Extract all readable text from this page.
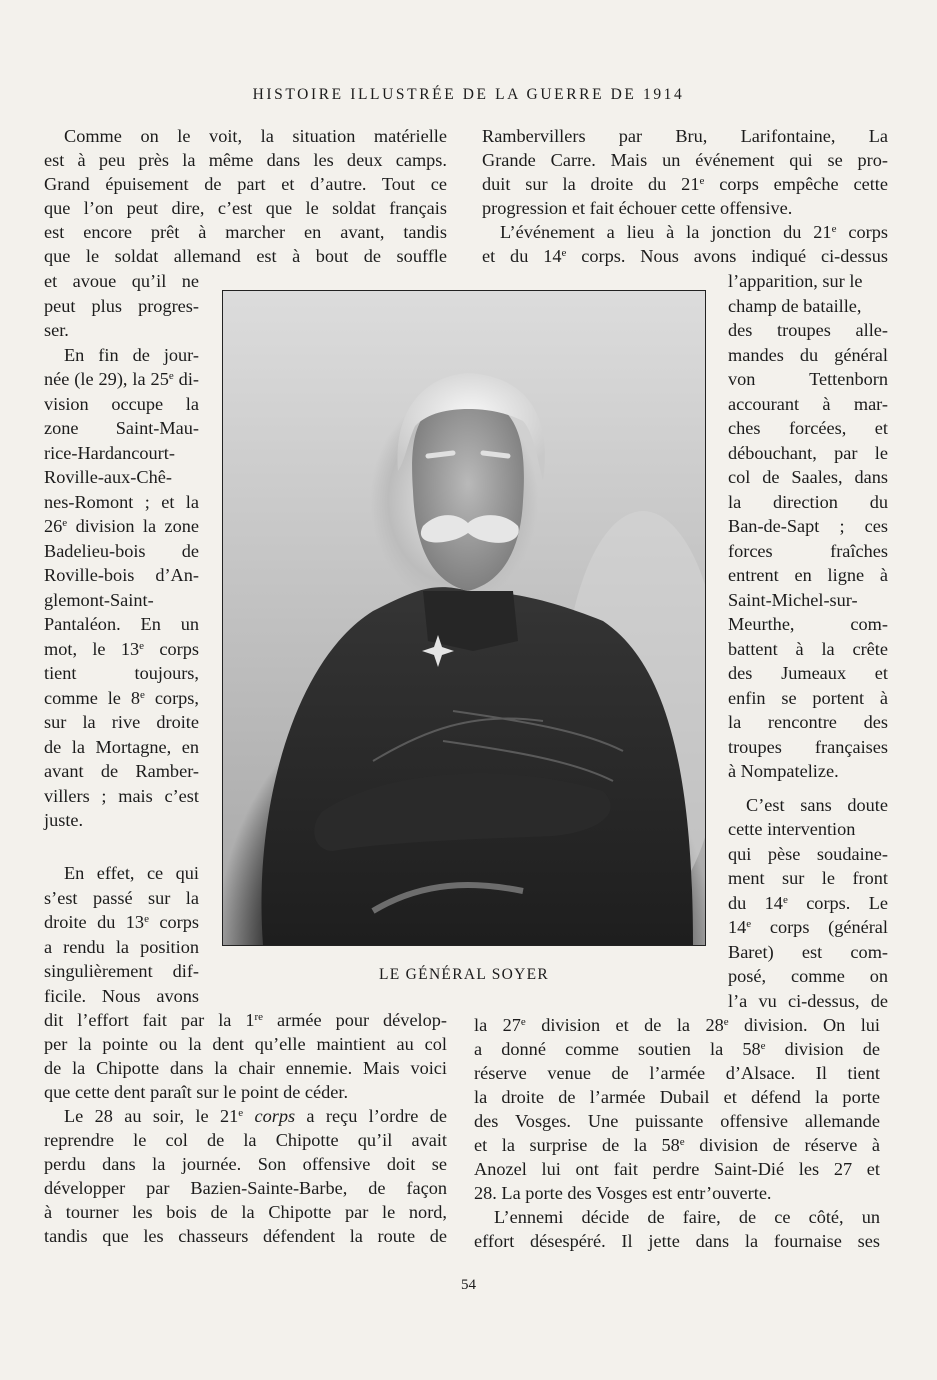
HISTOIRE ILLUSTRÉE DE LA GUERRE DE 1914
Comme on le voit, la situation matérielle
est à peu près la même dans les deux camps.
Grand épuisement de part et d’autre. Tout ce
que l’on peut dire, c’est que le soldat français
est encore prêt à marcher en avant, tandis
que le soldat allemand est à bout de souffle
et avoue qu’il ne
peut plus progres-
ser.
En fin de jour-
née (le 29), la 25e di-
vision occupe la
zone Saint-Mau-
rice-Hardancourt-
Roville-aux-Chê-
nes-Romont ; et la
26e division la zone
Badelieu-bois de
Roville-bois d’An-
glemont-Saint-
Pantaléon. En un
mot, le 13e corps
tient toujours,
comme le 8e corps,
sur la rive droite
de la Mortagne, en
avant de Ramber-
villers ; mais c’est
juste.
En effet, ce qui
s’est passé sur la
droite du 13e corps
a rendu la position
singulièrement dif-
ficile. Nous avons
dit l’effort fait par la 1re armée pour dévelop-
per la pointe ou la dent qu’elle maintient au col
de la Chipotte dans la chair ennemie. Mais voici
que cette dent paraît sur le point de céder.
Le 28 au soir, le 21e corps a reçu l’ordre de
reprendre le col de la Chipotte qu’il avait
perdu dans la journée. Son offensive doit se
développer par Bazien-Sainte-Barbe, de façon
à tourner les bois de la Chipotte par le nord,
tandis que les chasseurs défendent la route de
Rambervillers par Bru, Larifontaine, La
Grande Carre. Mais un événement qui se pro-
duit sur la droite du 21e corps empêche cette
progression et fait échouer cette offensive.
L’événement a lieu à la jonction du 21e corps
et du 14e corps. Nous avons indiqué ci-dessus
l’apparition, sur le
champ de bataille,
des troupes alle-
mandes du général
von Tettenborn
accourant à mar-
ches forcées, et
débouchant, par le
col de Saales, dans
la direction du
Ban-de-Sapt ; ces
forces fraîches
entrent en ligne à
Saint-Michel-sur-
Meurthe, com-
battent à la crête
des Jumeaux et
enfin se portent à
la rencontre des
troupes françaises
à Nompatelize.
C’est sans doute
cette intervention
qui pèse soudaine-
ment sur le front
du 14e corps. Le
14e corps (général
Baret) est com-
posé, comme on
l’a vu ci-dessus, de
la 27e division et de la 28e division. On lui
a donné comme soutien la 58e division de
réserve venue de l’armée d’Alsace. Il tient
la droite de l’armée Dubail et défend la porte
des Vosges. Une puissante offensive allemande
et la surprise de la 58e division de réserve à
Anozel lui ont fait perdre Saint-Dié les 27 et
28. La porte des Vosges est entr’ouverte.
L’ennemi décide de faire, de ce côté, un
effort désespéré. Il jette dans la fournaise ses
LE GÉNÉRAL SOYER
54
